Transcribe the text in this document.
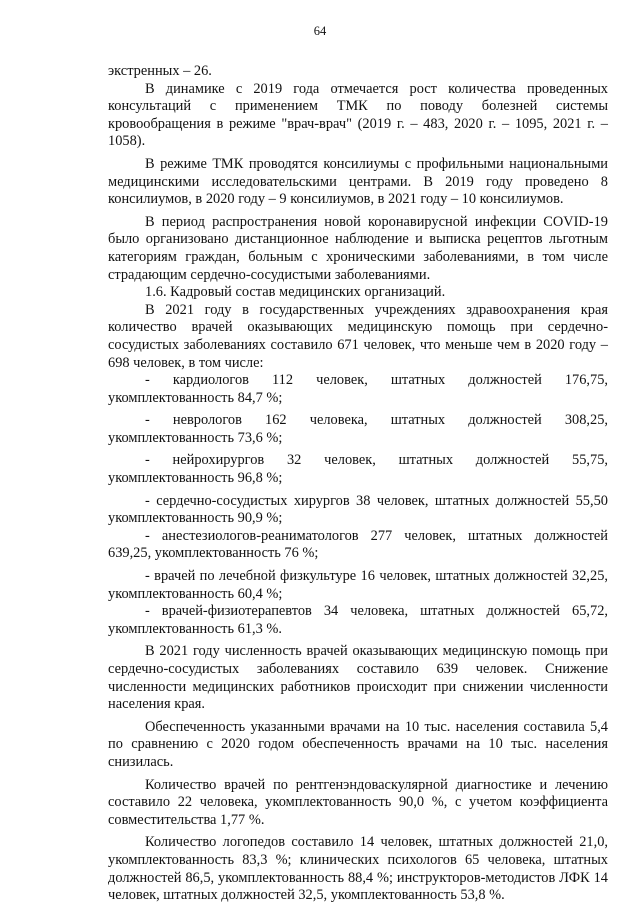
64

экстренных – 26.

В динамике с 2019 года отмечается рост количества проведенных консультаций с применением ТМК по поводу болезней системы кровообращения в режиме "врач-врач" (2019 г. – 483, 2020 г. – 1095, 2021 г. – 1058).

В режиме ТМК проводятся консилиумы с профильными национальными медицинскими исследовательскими центрами. В 2019 году проведено 8 консилиумов, в 2020 году – 9 консилиумов, в 2021 году – 10 консилиумов.

В период распространения новой коронавирусной инфекции COVID-19 было организовано дистанционное наблюдение и выписка рецептов льготным категориям граждан, больным с хроническими заболеваниями, в том числе страдающим сердечно-сосудистыми заболеваниями.

1.6. Кадровый состав медицинских организаций.

В 2021 году в государственных учреждениях здравоохранения края количество врачей оказывающих медицинскую помощь при сердечно-сосудистых заболеваниях составило 671 человек, что меньше чем в 2020 году – 698 человек, в том числе:

- кардиологов 112 человек, штатных должностей 176,75, укомплектованность 84,7 %;

- неврологов 162 человека, штатных должностей 308,25, укомплектованность 73,6 %;

- нейрохирургов 32 человек, штатных должностей 55,75, укомплектованность 96,8 %;

- сердечно-сосудистых хирургов 38 человек, штатных должностей 55,50 укомплектованность 90,9 %;

- анестезиологов-реаниматологов 277 человек, штатных должностей 639,25, укомплектованность 76 %;

- врачей по лечебной физкультуре 16 человек, штатных должностей 32,25, укомплектованность 60,4 %;

- врачей-физиотерапевтов 34 человека, штатных должностей 65,72, укомплектованность 61,3 %.

В 2021 году численность врачей оказывающих медицинскую помощь при сердечно-сосудистых заболеваниях составило 639 человек. Снижение численности медицинских работников происходит при снижении численности населения края.

Обеспеченность указанными врачами на 10 тыс. населения составила 5,4 по сравнению с 2020 годом обеспеченность врачами на 10 тыс. населения снизилась.

Количество врачей по рентгенэндоваскулярной диагностике и лечению составило 22 человека, укомплектованность 90,0 %, с учетом коэффициента совместительства 1,77 %.

Количество логопедов составило 14 человек, штатных должностей 21,0, укомплектованность 83,3 %; клинических психологов 65 человека, штатных должностей 86,5, укомплектованность 88,4 %; инструкторов-методистов ЛФК 14 человек, штатных должностей 32,5, укомплектованность 53,8 %.
